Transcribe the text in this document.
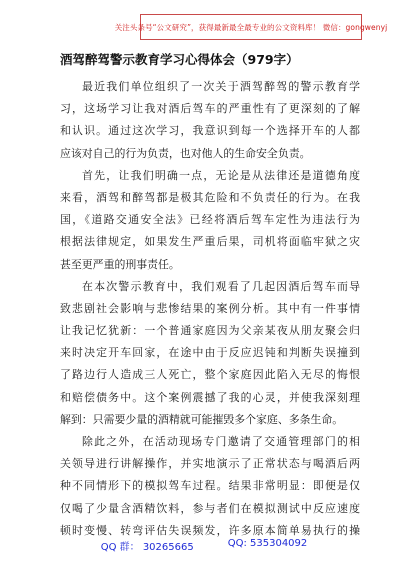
关注头条号“公文研究”，获得最新最全最专业的公文资料库！ 微信：gongwenyj
酒驾醉驾警示教育学习心得体会（979字）
最近我们单位组织了一次关于酒驾醉驾的警示教育学
习，这场学习让我对酒后驾车的严重性有了更深刻的了解
和认识。通过这次学习，我意识到每一个选择开车的人都
应该对自己的行为负责，也对他人的生命安全负责。
首先，让我们明确一点，无论是从法律还是道德角度
来看，酒驾和醉驾都是极其危险和不负责任的行为。在我
国，《道路交通安全法》已经将酒后驾车定性为违法行为
根据法律规定，如果发生严重后果，司机将面临牢狱之灾
甚至更严重的刑事责任。
在本次警示教育中，我们观看了几起因酒后驾车而导
致悲剧社会影响与悲惨结果的案例分析。其中有一件事情
让我记忆犹新：一个普通家庭因为父亲某夜从朋友聚会归
来时决定开车回家，在途中由于反应迟钝和判断失误撞到
了路边行人造成三人死亡，整个家庭因此陷入无尽的悔恨
和赔偿债务中。这个案例震撼了我的心灵，并使我深刻理
解到：只需要少量的酒精就可能摧毁多个家庭、多条生命。
除此之外，在活动现场专门邀请了交通管理部门的相
关领导进行讲解操作，并实地演示了正常状态与喝酒后两
种不同情形下的模拟驾车过程。结果非常明显：即便是仅
仅喝了少量含酒精饮料，参与者们在模拟测试中反应速度
顿时变慢、转弯评估失误频发，许多原本简单易执行的操
QQ 群： 30265665	QQ: 535304092
